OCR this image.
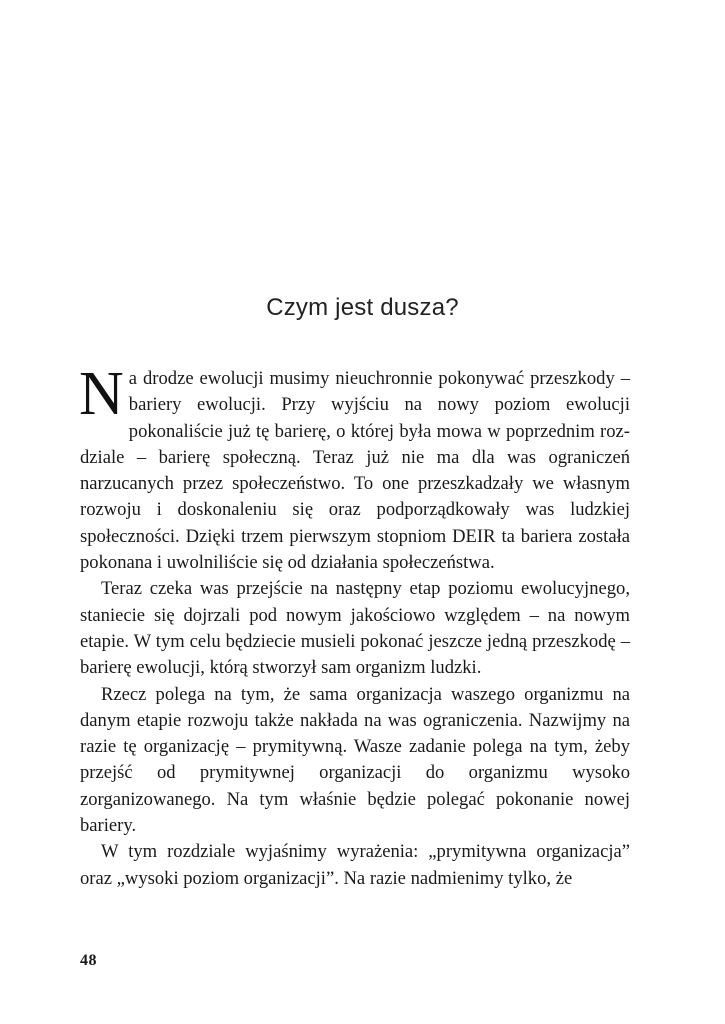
Czym jest dusza?

Na drodze ewolucji musimy nieuchronnie pokonywać przeszkody – bariery ewolucji. Przy wyjściu na nowy poziom ewolucji pokonaliście już tę barierę, o której była mowa w poprzednim rozdziale – barierę społeczną. Teraz już nie ma dla was ograniczeń narzucanych przez społeczeństwo. To one przeszkadzały we własnym rozwoju i doskonaleniu się oraz podporządkowały was ludzkiej społeczności. Dzięki trzem pierwszym stopniom DEIR ta bariera została pokonana i uwolniliście się od działania społeczeństwa.

Teraz czeka was przejście na następny etap poziomu ewolucyjnego, staniecie się dojrzali pod nowym jakościowo względem – na nowym etapie. W tym celu będziecie musieli pokonać jeszcze jedną przeszkodę – barierę ewolucji, którą stworzył sam organizm ludzki.

Rzecz polega na tym, że sama organizacja waszego organizmu na danym etapie rozwoju także nakłada na was ograniczenia. Nazwijmy na razie tę organizację – prymitywną. Wasze zadanie polega na tym, żeby przejść od prymitywnej organizacji do organizmu wysoko zorganizowanego. Na tym właśnie będzie polegać pokonanie nowej bariery.

W tym rozdziale wyjaśnimy wyrażenia: „prymitywna organizacja” oraz „wysoki poziom organizacji”. Na razie nadmienimy tylko, że

48
